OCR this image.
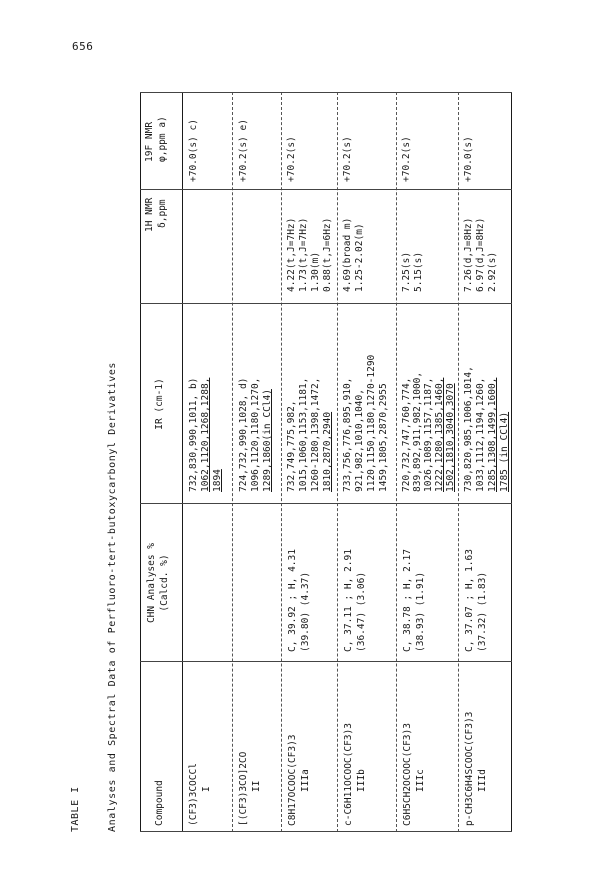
656
TABLE I	Analyses and Spectral Data of Perfluoro-tert-butoxycarbonyl Derivatives	Compound
CHN Analyses % (Calcd. %)
IR (cm-1)
1H NMR δ,ppm
19F NMR φ,ppm a)
(CF3)3COCCl I
732,830,990,1011, b) 1062,1120,1268,1288, 1894
+70.0(s) c)
[(CF3)3CO]2CO II
724,732,990,1028, d) 1096,1120,1180,1270, 1289,1860(in CCl4)
+70.2(s) e)
C8H17OCOOC(CF3)3 IIIa
C, 39.92 ; H, 4.31 (39.80) (4.37)
732,749,775,982, 1015,1060,1153,1181, 1260-1280,1398,1472, 1810,2870,2940
4.22(t,J=7Hz) 1.73(t,J=7Hz) 1.30(m) 0.88(t,J=6Hz)
+70.2(s)
c-C6H11OCOOC(CF3)3 IIIb
C, 37.11 ; H, 2.91 (36.47) (3.06)
733,756,776,895,910, 921,982,1010,1040, 1120,1150,1180,1270-1290 1459,1805,2870,2955
4.69(broad m) 1.25-2.02(m)
+70.2(s)
C6H5CH2OCOOC(CF3)3 IIIc
C, 38.78 ; H, 2.17 (38.93) (1.91)
720,732,747,760,774, 839,892,911,982,1000, 1026,1089,1157,1187, 1222,1280,1385,1460, 1502,1810,3040,3070
7.25(s) 5.15(s)
+70.2(s)
p-CH3C6H4SCOOC(CF3)3 IIId
C, 37.07 ; H, 1.63 (37.32) (1.83)
730,820,985,1006,1014, 1033,1112,1194,1260, 1285,1308,1499,1600, 1785 (in CCl4)
7.26(d,J=8Hz) 6.97(d,J=8Hz) 2.92(s)
+70.0(s)
